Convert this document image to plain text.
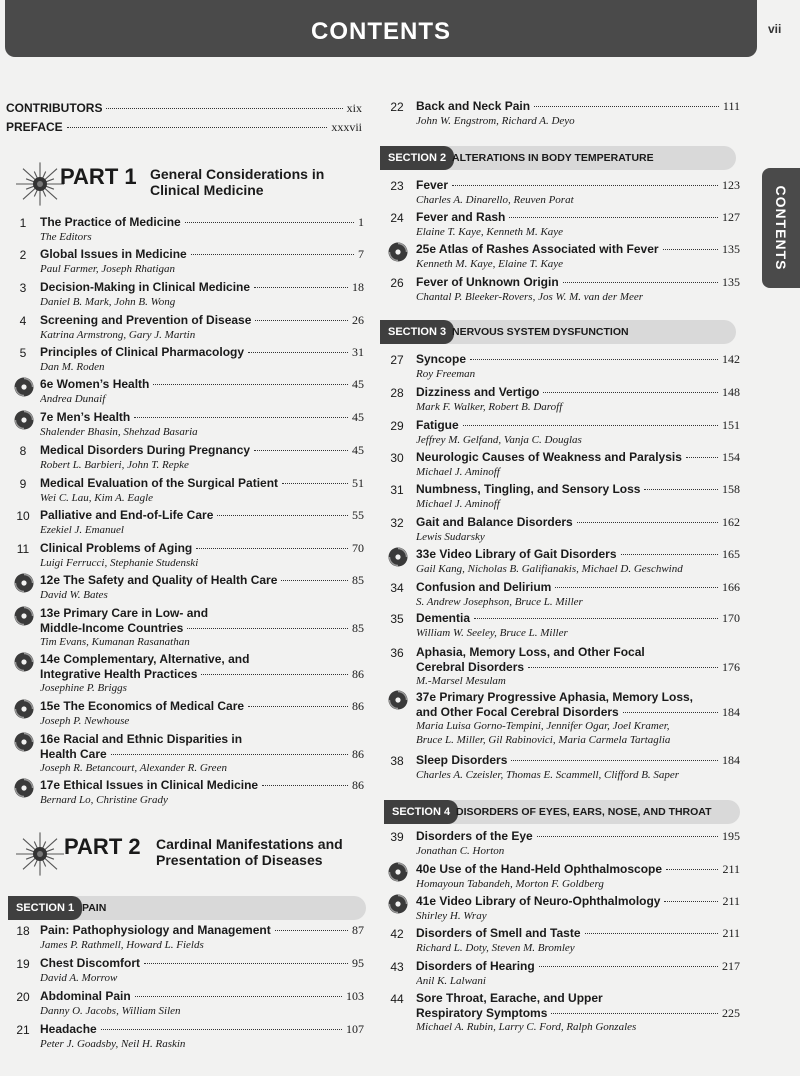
CONTENTS	vii
CONTENTS
CONTRIBUTORS	xix
PREFACE	xxxvii
PART 1 General Considerations in
Clinical Medicine
PART 2 Cardinal Manifestations and
Presentation of Diseases
SECTION 1 PAIN
1	The Practice of Medicine	1
The Editors
2	Global Issues in Medicine	7
Paul Farmer, Joseph Rhatigan
3	Decision-Making in Clinical Medicine	18
Daniel B. Mark, John B. Wong
4	Screening and Prevention of Disease	26
Katrina Armstrong, Gary J. Martin
5	Principles of Clinical Pharmacology	31
Dan M. Roden
6e Women’s Health	45
Andrea Dunaif
7e Men’s Health	45
Shalender Bhasin, Shehzad Basaria
8	Medical Disorders During Pregnancy	45
Robert L. Barbieri, John T. Repke
9	Medical Evaluation of the Surgical Patient	51
Wei C. Lau, Kim A. Eagle
10 Palliative and End-of-Life Care	55
Ezekiel J. Emanuel
11 Clinical Problems of Aging	70
Luigi Ferrucci, Stephanie Studenski
12e The Safety and Quality of Health Care	85
David W. Bates
13e Primary Care in Low- and
Middle-Income Countries	85
Tim Evans, Kumanan Rasanathan
14e Complementary, Alternative, and
Integrative Health Practices	86
Josephine P. Briggs
15e The Economics of Medical Care	86
Joseph P. Newhouse
16e Racial and Ethnic Disparities in
Health Care	86
Joseph R. Betancourt, Alexander R. Green
17e Ethical Issues in Clinical Medicine	86
Bernard Lo, Christine Grady
18 Pain: Pathophysiology and Management	87
James P. Rathmell, Howard L. Fields
19 Chest Discomfort	95
David A. Morrow
20 Abdominal Pain	103
Danny O. Jacobs, William Silen
21 Headache	107
Peter J. Goadsby, Neil H. Raskin
SECTION 2 ALTERATIONS IN BODY TEMPERATURE
SECTION 3 NERVOUS SYSTEM DYSFUNCTION
SECTION 4 DISORDERS OF EYES, EARS, NOSE, AND THROAT
22	Back and Neck Pain	111
John W. Engstrom, Richard A. Deyo
23	Fever	123
Charles A. Dinarello, Reuven Porat
24	Fever and Rash	127
Elaine T. Kaye, Kenneth M. Kaye
25e Atlas of Rashes Associated with Fever	135
Kenneth M. Kaye, Elaine T. Kaye
26	Fever of Unknown Origin	135
Chantal P. Bleeker-Rovers, Jos W. M. van der Meer
27	Syncope	142
Roy Freeman
28	Dizziness and Vertigo	148
Mark F. Walker, Robert B. Daroff
29	Fatigue	151
Jeffrey M. Gelfand, Vanja C. Douglas
30	Neurologic Causes of Weakness and Paralysis	154
Michael J. Aminoff
31	Numbness, Tingling, and Sensory Loss	158
Michael J. Aminoff
32	Gait and Balance Disorders	162
Lewis Sudarsky
33e Video Library of Gait Disorders	165
Gail Kang, Nicholas B. Galifianakis, Michael D. Geschwind
34	Confusion and Delirium	166
S. Andrew Josephson, Bruce L. Miller
35	Dementia	170
William W. Seeley, Bruce L. Miller
36	Aphasia, Memory Loss, and Other Focal
Cerebral Disorders	176
M.-Marsel Mesulam
37e Primary Progressive Aphasia, Memory Loss,
and Other Focal Cerebral Disorders	184
Maria Luisa Gorno-Tempini, Jennifer Ogar, Joel Kramer,
Bruce L. Miller, Gil Rabinovici, Maria Carmela Tartaglia
38	Sleep Disorders	184
Charles A. Czeisler, Thomas E. Scammell, Clifford B. Saper
39	Disorders of the Eye	195
Jonathan C. Horton
40e Use of the Hand-Held Ophthalmoscope	211
Homayoun Tabandeh, Morton F. Goldberg
41e Video Library of Neuro-Ophthalmology	211
Shirley H. Wray
42	Disorders of Smell and Taste	211
Richard L. Doty, Steven M. Bromley
43	Disorders of Hearing	217
Anil K. Lalwani
44	Sore Throat, Earache, and Upper
Respiratory Symptoms	225
Michael A. Rubin, Larry C. Ford, Ralph Gonzales
